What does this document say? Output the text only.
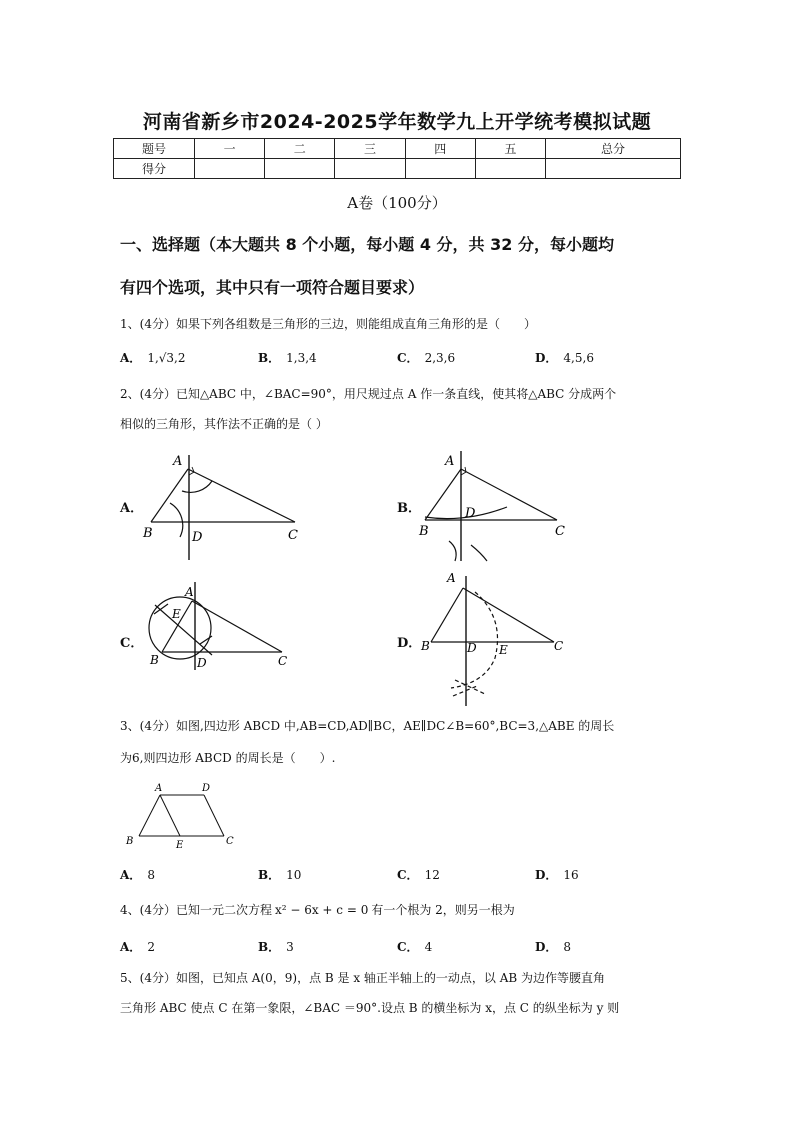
河南省新乡市2024-2025学年数学九上开学统考模拟试题
题号	一	二	三	四	五	总分
得分						
A卷（100分）
一、选择题（本大题共 8 个小题，每小题 4 分，共 32 分，每小题均
有四个选项，其中只有一项符合题目要求）
1、(4分）如果下列各组数是三角形的三边，则能组成直角三角形的是（　　）
A． 1,√3,2	B． 1,3,4	C． 2,3,6	D． 4,5,6
2、(4分）已知△ABC 中，∠BAC=90°，用尺规过点 A 作一条直线，使其将△ABC 分成两个
相似的三角形，其作法不正确的是（ ）
A．	B．
C．	D．
A
B	D	C
A
B
D
C
A
E
B	D	C
A
B	D E	C
3、(4分）如图,四边形 ABCD 中,AB=CD,AD∥BC，AE∥DC∠B=60°,BC=3,△ABE 的周长
为6,则四边形 ABCD 的周长是（　　）.
A	D
B	E	C
A． 8	B． 10	C． 12	D． 16
4、(4分）已知一元二次方程 x² − 6x + c = 0 有一个根为 2，则另一根为
A． 2	B． 3	C． 4	D． 8
5、(4分）如图，已知点 A(0，9)，点 B 是 x 轴正半轴上的一动点，以 AB 为边作等腰直角
三角形 ABC 使点 C 在第一象限，∠BAC ＝90°.设点 B 的横坐标为 x，点 C 的纵坐标为 y 则
